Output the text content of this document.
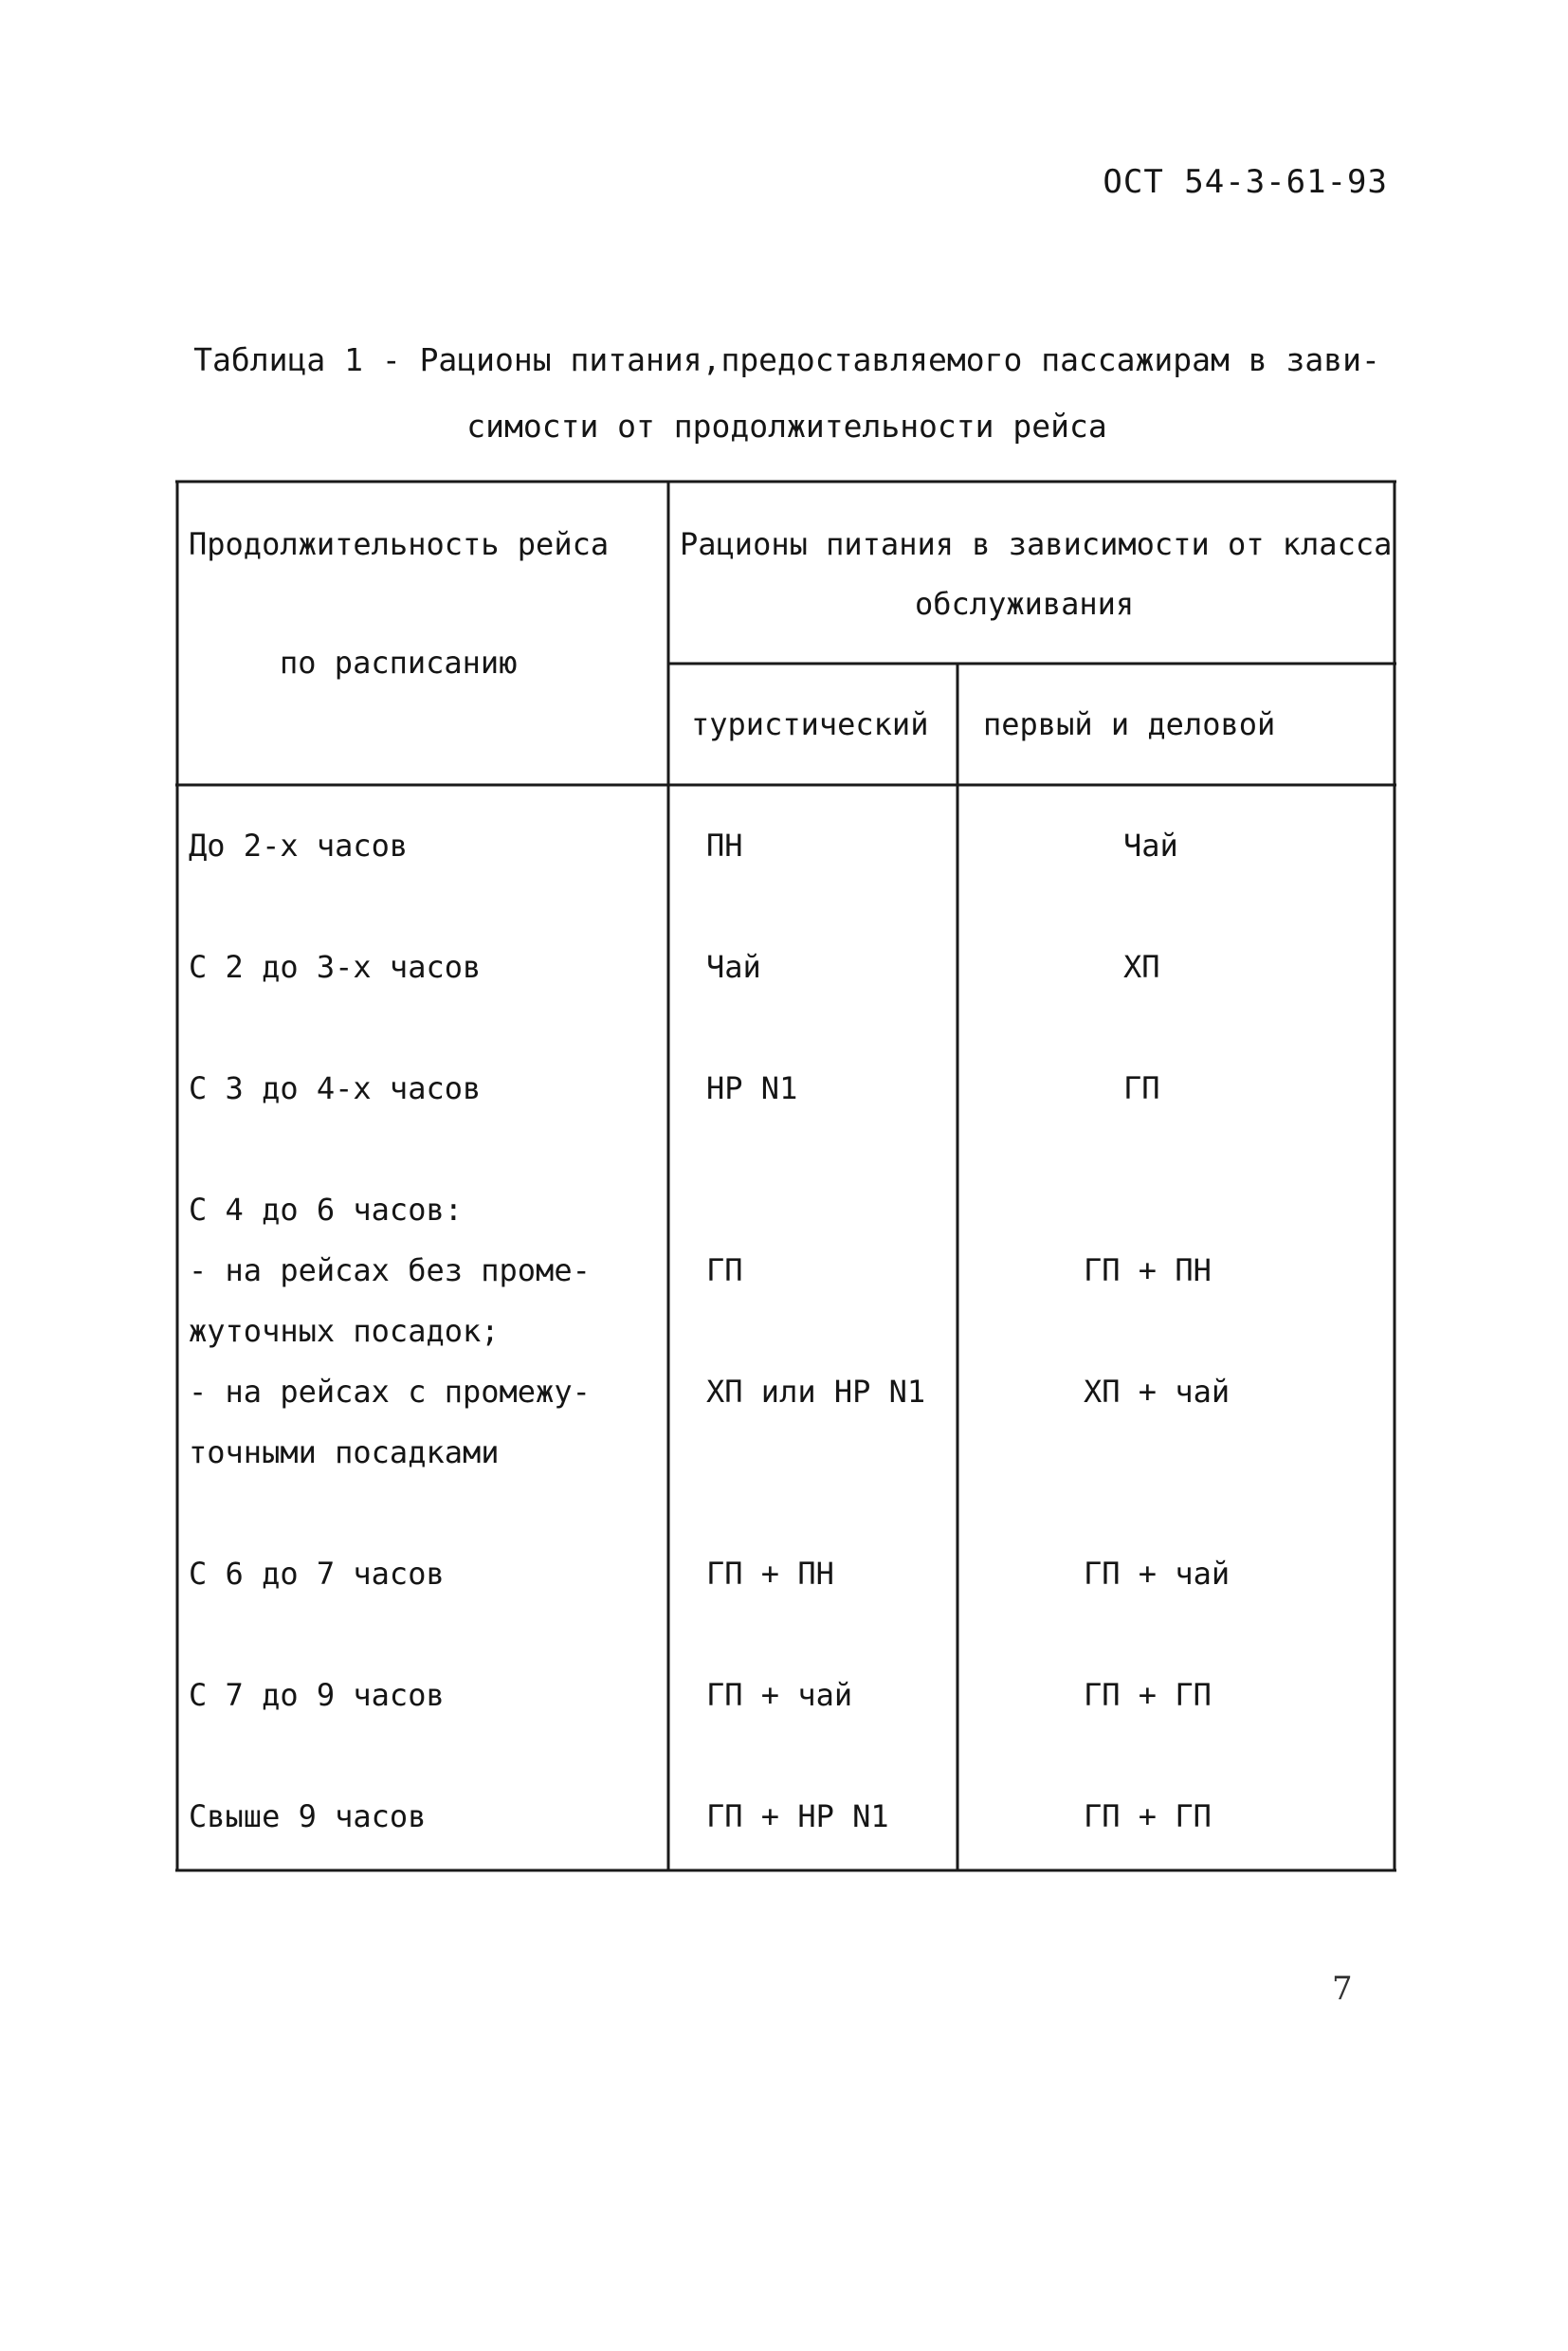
ОСТ 54-3-61-93
Таблица 1 - Рационы питания,предоставляемого пассажирам в зави-
симости от продолжительности рейса
Продолжительность рейса
по расписанию
Рационы питания в зависимости от класса
обслуживания
туристический первый и деловой
До 2-х часов	ПН	Чай
С 2 до 3-х часов	Чай	ХП
С 3 до 4-х часов	НР N1	ГП
С 4 до 6 часов:
- на рейсах без проме-	ГП	ГП + ПН
жуточных посадок;
- на рейсах с промежу-	ХП или НР N1	ХП + чай
точными посадками
С 6 до 7 часов	ГП + ПН	ГП + чай
С 7 до 9 часов	ГП + чай	ГП + ГП
Свыше 9 часов	ГП + НР N1	ГП + ГП
7
